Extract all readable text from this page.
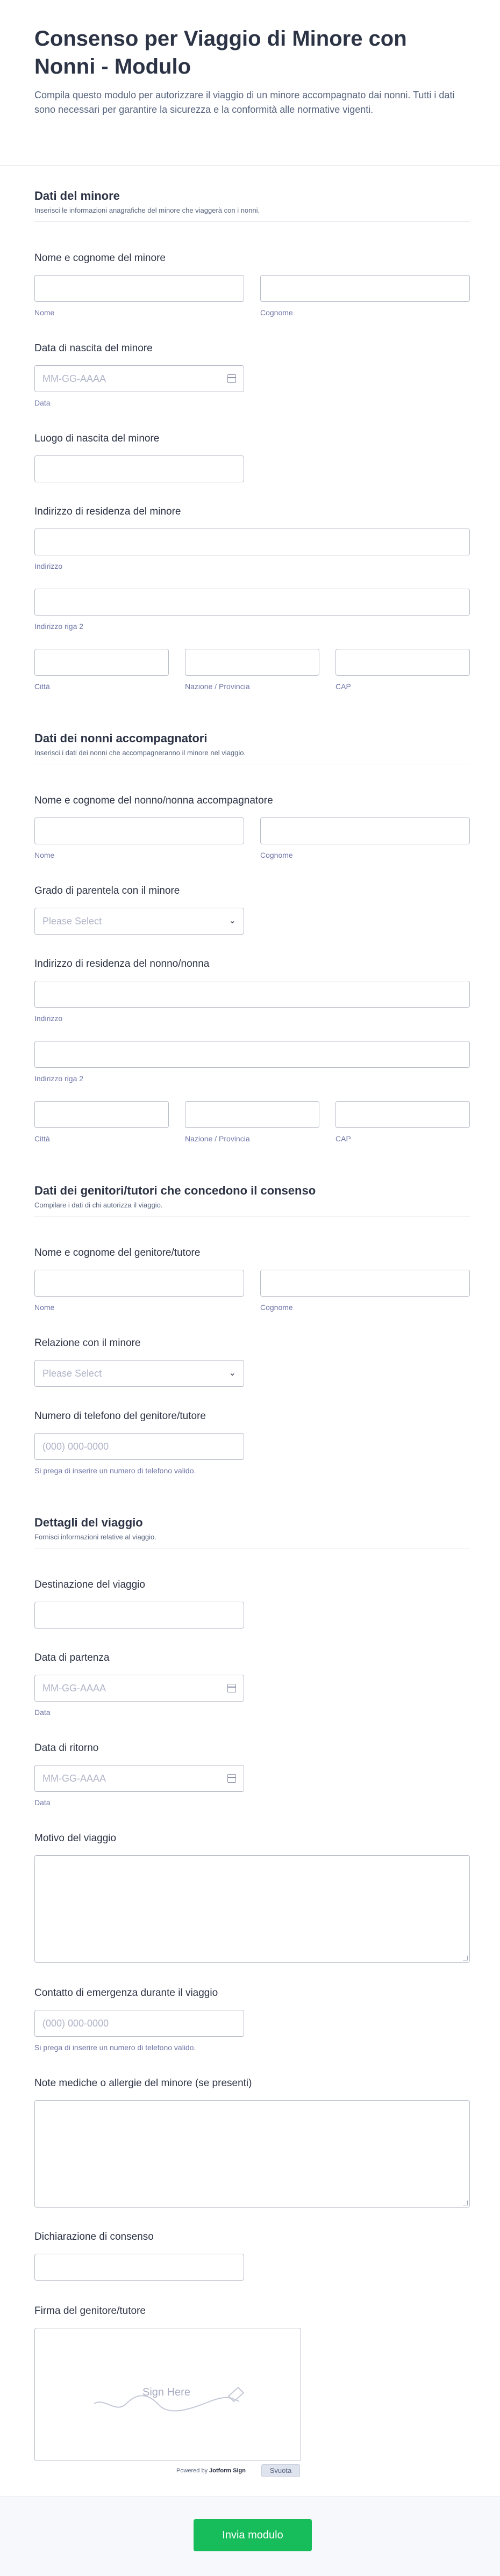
Consenso per Viaggio di Minore con Nonni - Modulo
Compila questo modulo per autorizzare il viaggio di un minore accompagnato dai nonni. Tutti i dati sono necessari per garantire la sicurezza e la conformità alle normative vigenti.
Dati del minore
Inserisci le informazioni anagrafiche del minore che viaggerà con i nonni.
Nome e cognome del minore
Nome	Cognome
Data di nascita del minore
MM-GG-AAAA
Data
Luogo di nascita del minore
Indirizzo di residenza del minore
Indirizzo
Indirizzo riga 2
Città	Nazione / Provincia	CAP
Dati dei nonni accompagnatori
Inserisci i dati dei nonni che accompagneranno il minore nel viaggio.
Nome e cognome del nonno/nonna accompagnatore
Nome	Cognome
Grado di parentela con il minore
Please Select	⌄
Indirizzo di residenza del nonno/nonna
Indirizzo
Indirizzo riga 2
Città	Nazione / Provincia	CAP
Dati dei genitori/tutori che concedono il consenso
Compilare i dati di chi autorizza il viaggio.
Nome e cognome del genitore/tutore
Nome	Cognome
Relazione con il minore
Please Select	⌄
Numero di telefono del genitore/tutore
(000) 000-0000
Si prega di inserire un numero di telefono valido.
Dettagli del viaggio
Fornisci informazioni relative al viaggio.
Destinazione del viaggio
Data di partenza
MM-GG-AAAA
Data
Data di ritorno
MM-GG-AAAA
Data
Motivo del viaggio
Contatto di emergenza durante il viaggio
(000) 000-0000
Si prega di inserire un numero di telefono valido.
Note mediche o allergie del minore (se presenti)
Dichiarazione di consenso
Firma del genitore/tutore
Sign Here
Powered by Jotform Sign	Svuota
Invia modulo
